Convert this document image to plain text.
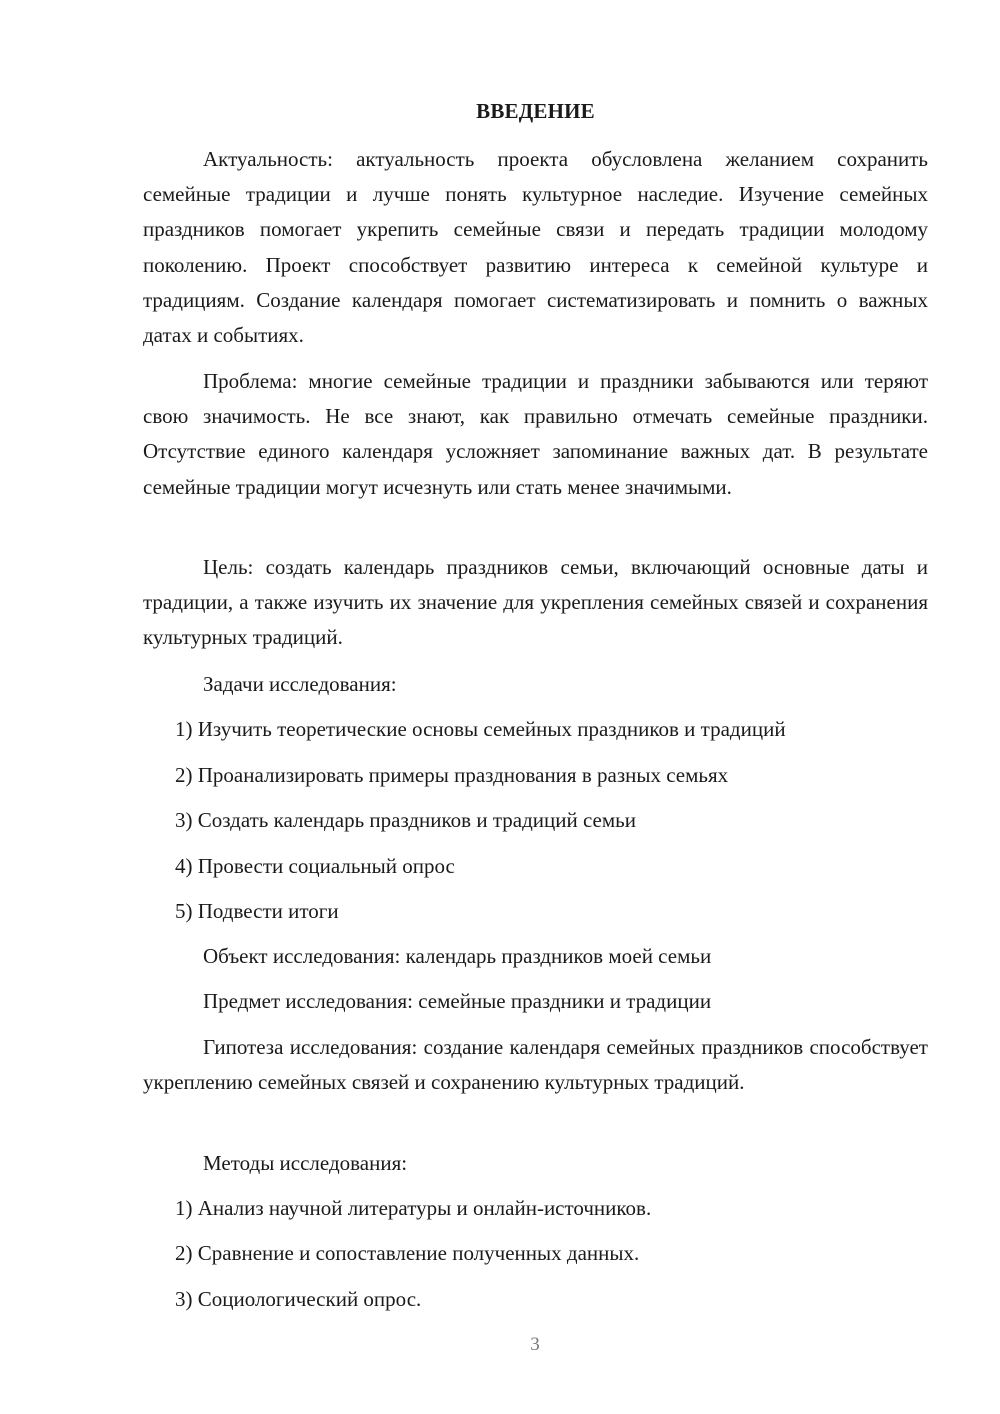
ВВЕДЕНИЕ

Актуальность: актуальность проекта обусловлена желанием сохранить семейные традиции и лучше понять культурное наследие. Изучение семейных праздников помогает укрепить семейные связи и передать традиции молодому поколению. Проект способствует развитию интереса к семейной культуре и традициям. Создание календаря помогает систематизировать и помнить о важных датах и событиях.

Проблема: многие семейные традиции и праздники забываются или теряют свою значимость. Не все знают, как правильно отмечать семейные праздники. Отсутствие единого календаря усложняет запоминание важных дат. В результате семейные традиции могут исчезнуть или стать менее значимыми.

Цель: создать календарь праздников семьи, включающий основные даты и традиции, а также изучить их значение для укрепления семейных связей и сохранения культурных традиций.

Задачи исследования:
1) Изучить теоретические основы семейных праздников и традиций
2) Проанализировать примеры празднования в разных семьях
3) Создать календарь праздников и традиций семьи
4) Провести социальный опрос
5) Подвести итоги
Объект исследования: календарь праздников моей семьи
Предмет исследования: семейные праздники и традиции

Гипотеза исследования: создание календаря семейных праздников способствует укреплению семейных связей и сохранению культурных традиций.

Методы исследования:
1) Анализ научной литературы и онлайн-источников.
2) Сравнение и сопоставление полученных данных.
3) Социологический опрос.
3
